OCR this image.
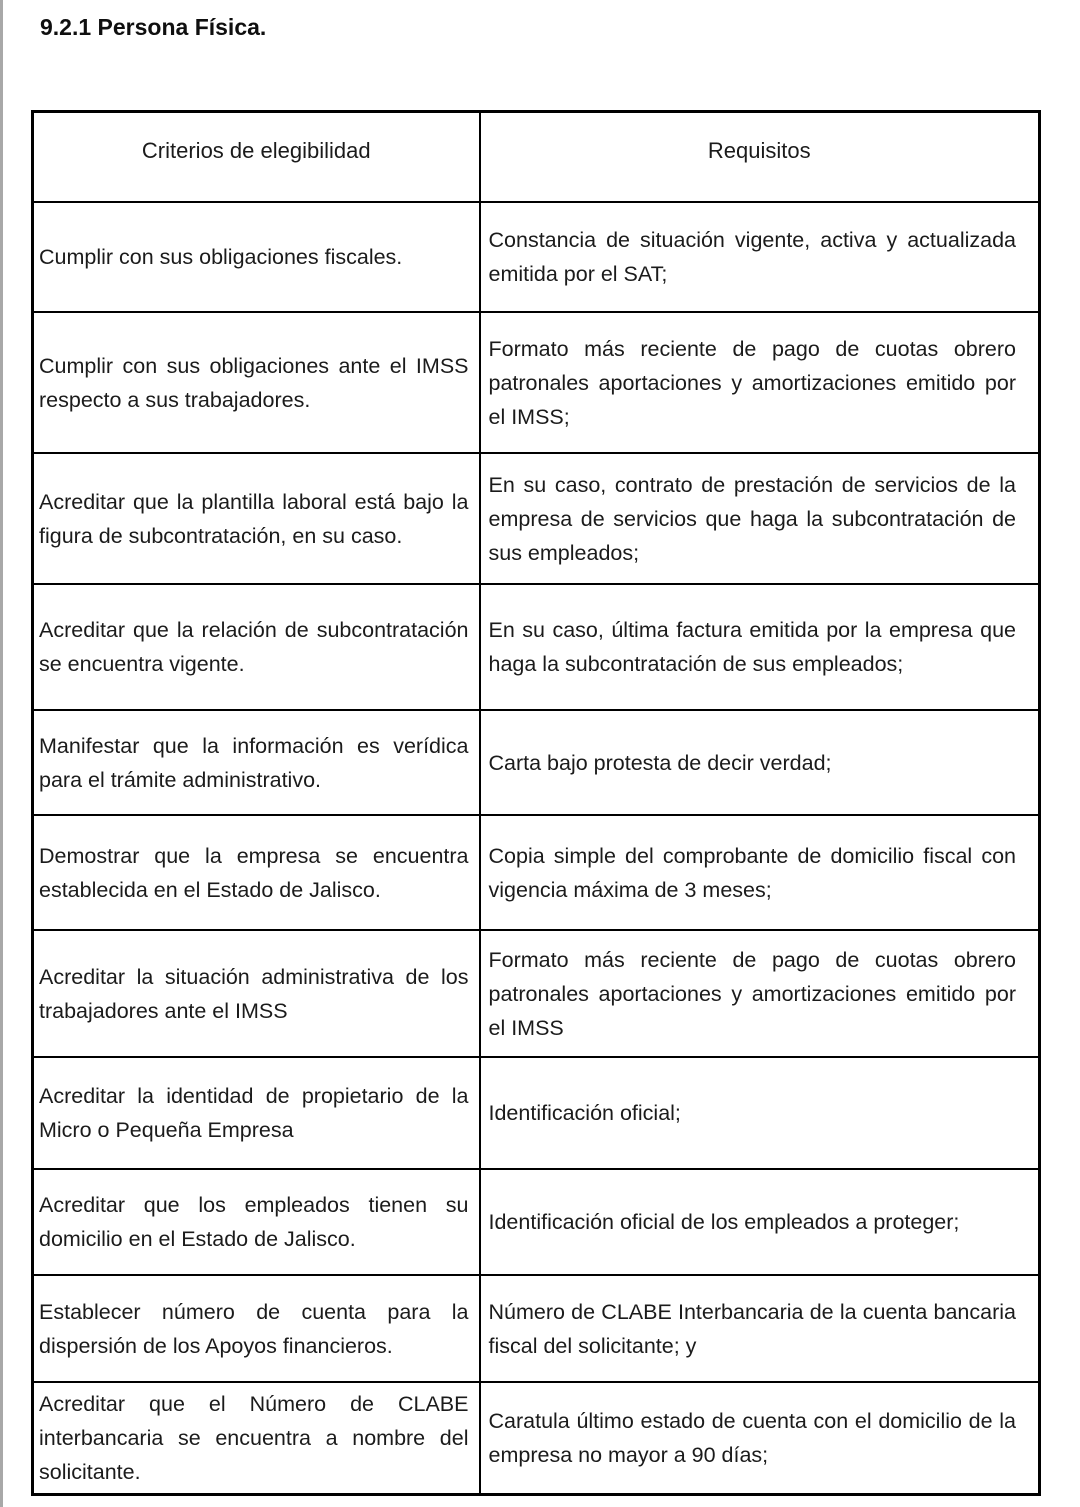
9.2.1 Persona Física.
Criterios de elegibilidad	Requisitos
Cumplir con sus obligaciones fiscales.	Constancia de situación vigente, activa y actualizada emitida por el SAT;
Cumplir con sus obligaciones ante el IMSS respecto a sus trabajadores.	Formato más reciente de pago de cuotas obrero patronales aportaciones y amortizaciones emitido por el IMSS;
Acreditar que la plantilla laboral está bajo la figura de subcontratación, en su caso.	En su caso, contrato de prestación de servicios de la empresa de servicios que haga la subcontratación de sus empleados;
Acreditar que la relación de subcontratación se encuentra vigente.	En su caso, última factura emitida por la empresa que haga la subcontratación de sus empleados;
Manifestar que la información es verídica para el trámite administrativo.	Carta bajo protesta de decir verdad;
Demostrar que la empresa se encuentra establecida en el Estado de Jalisco.	Copia simple del comprobante de domicilio fiscal con vigencia máxima de 3 meses;
Acreditar la situación administrativa de los trabajadores ante el IMSS	Formato más reciente de pago de cuotas obrero patronales aportaciones y amortizaciones emitido por el IMSS
Acreditar la identidad de propietario de la Micro o Pequeña Empresa	Identificación oficial;
Acreditar que los empleados tienen su domicilio en el Estado de Jalisco.	Identificación oficial de los empleados a proteger;
Establecer número de cuenta para la dispersión de los Apoyos financieros.	Número de CLABE Interbancaria de la cuenta bancaria fiscal del solicitante; y
Acreditar que el Número de CLABE interbancaria se encuentra a nombre del solicitante.	Caratula último estado de cuenta con el domicilio de la empresa no mayor a 90 días;
